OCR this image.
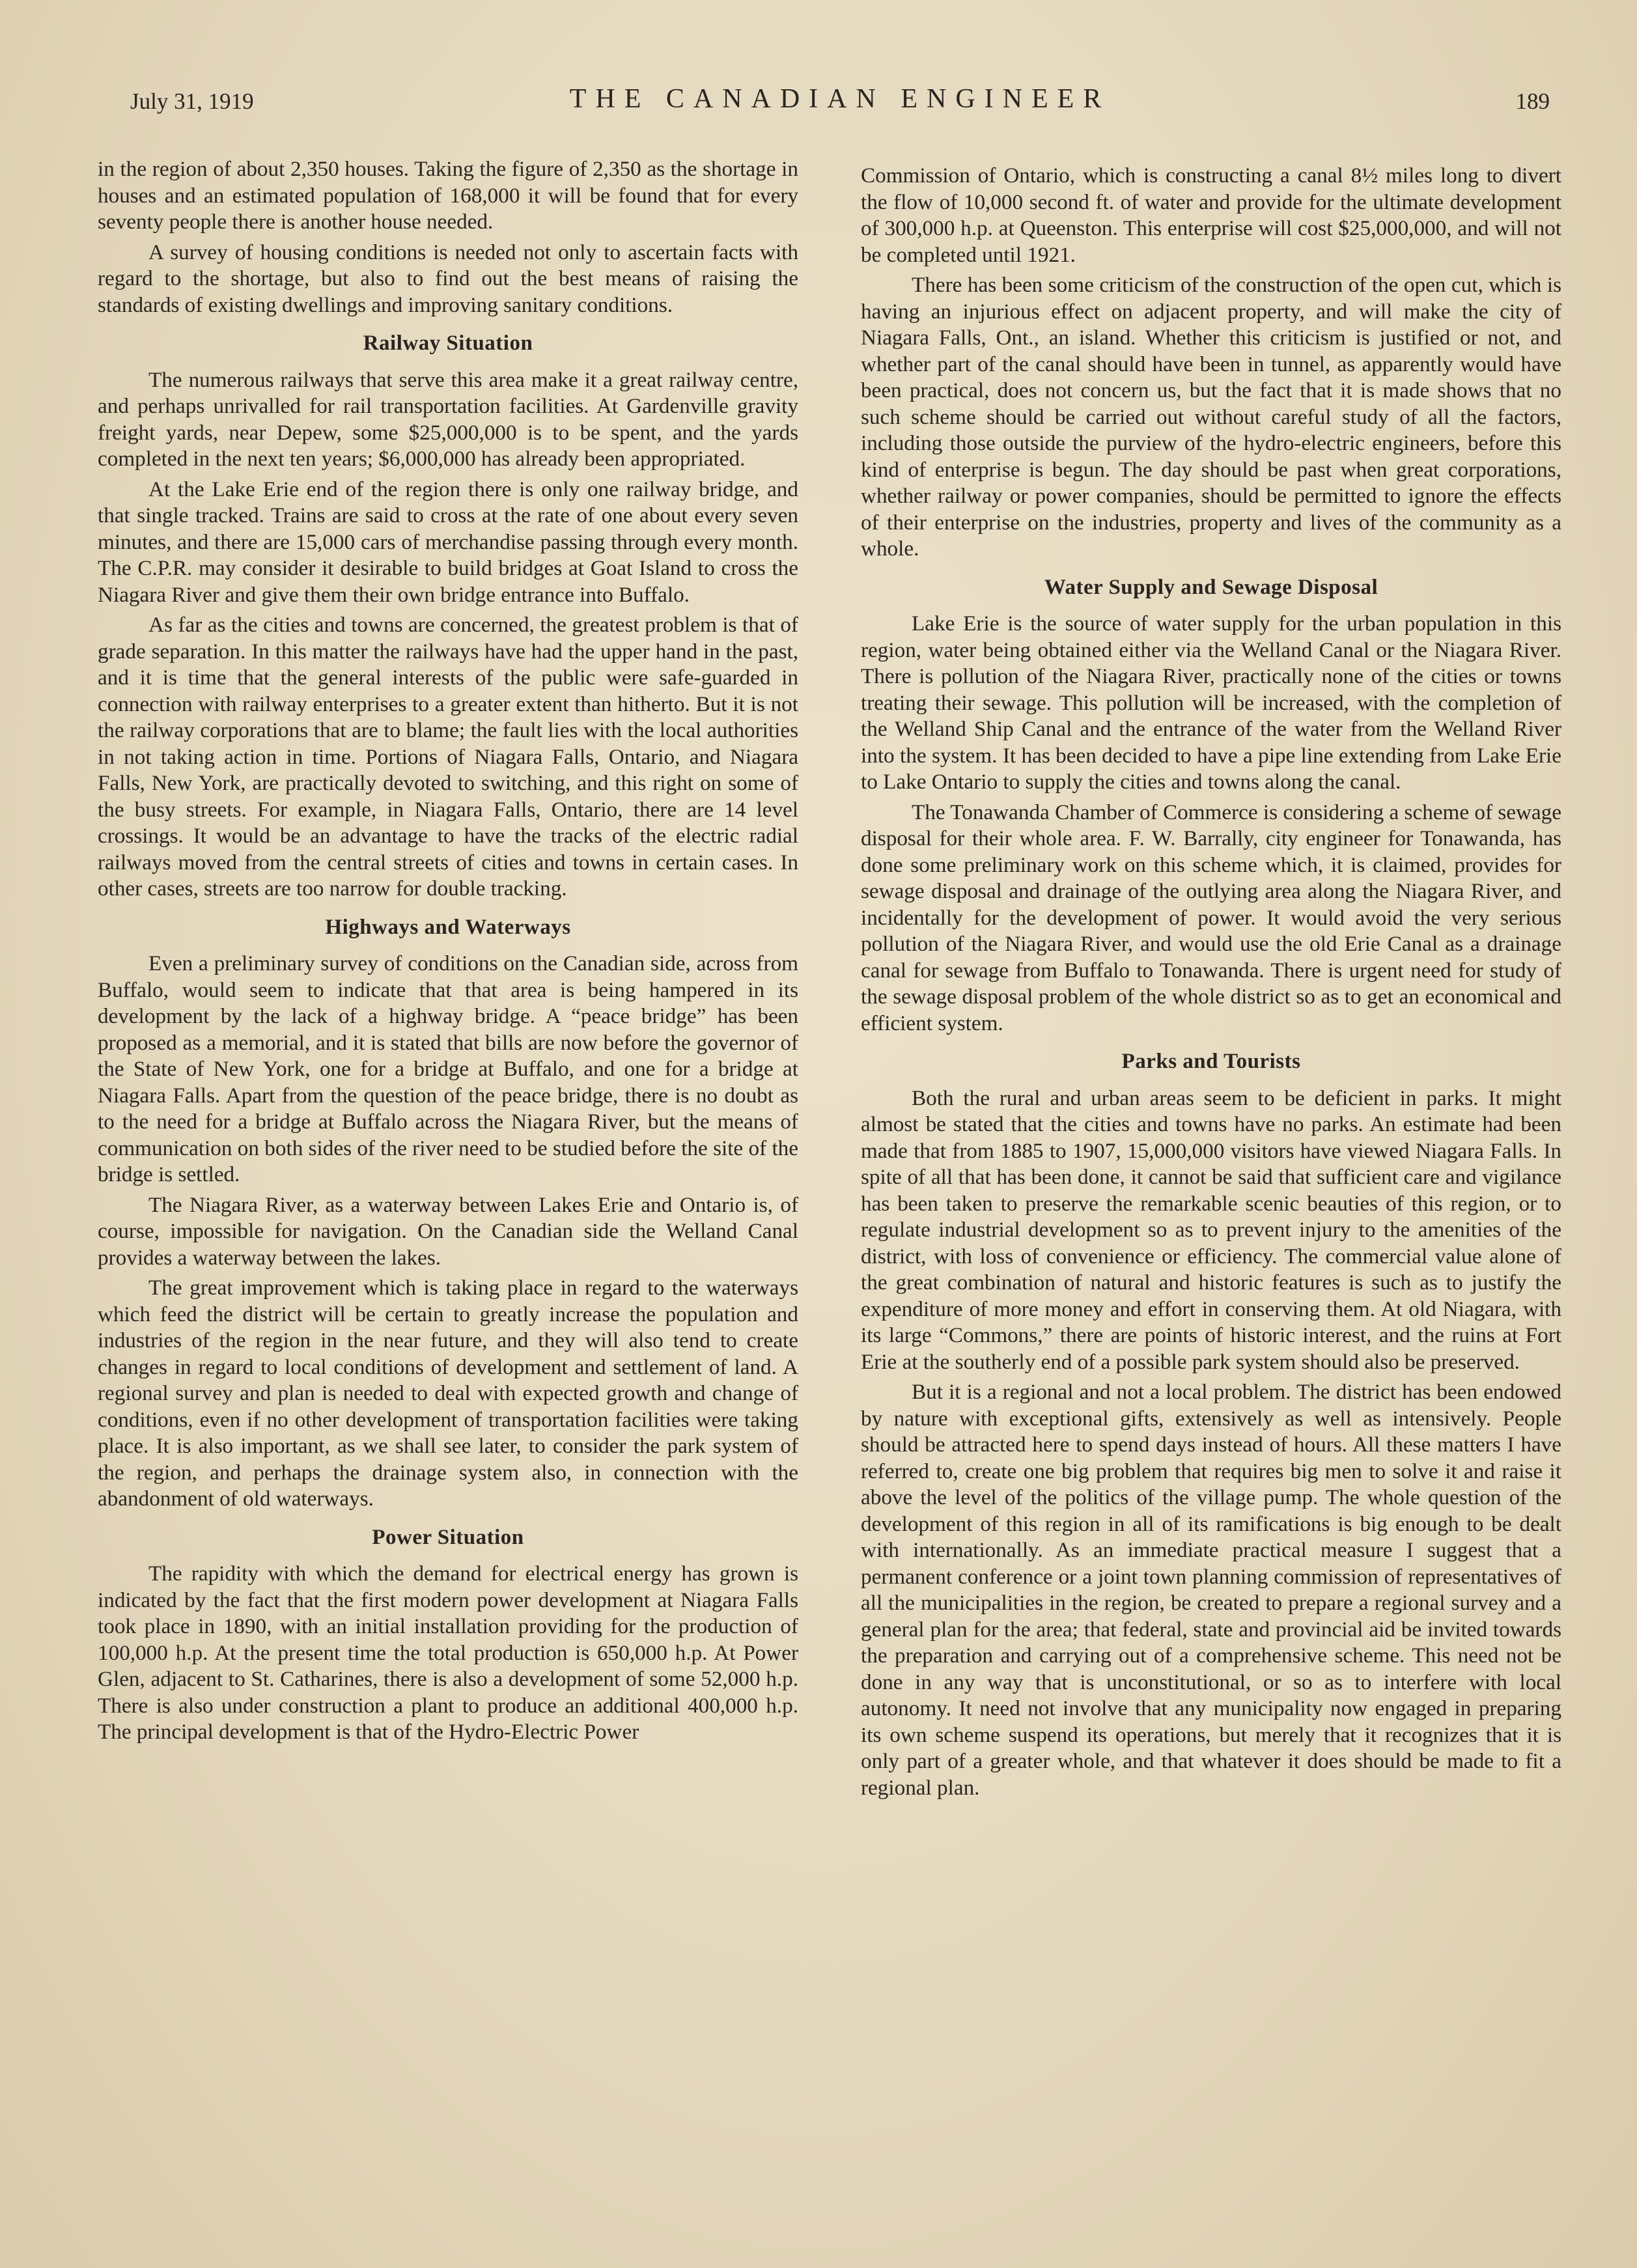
July 31, 1919	THE CANADIAN ENGINEER	189

in the region of about 2,350 houses. Taking the figure of 2,350 as the shortage in houses and an estimated population of 168,000 it will be found that for every seventy people there is another house needed.

A survey of housing conditions is needed not only to ascertain facts with regard to the shortage, but also to find out the best means of raising the standards of existing dwellings and improving sanitary conditions.

Railway Situation

The numerous railways that serve this area make it a great railway centre, and perhaps unrivalled for rail transportation facilities. At Gardenville gravity freight yards, near Depew, some $25,000,000 is to be spent, and the yards completed in the next ten years; $6,000,000 has already been appropriated.

At the Lake Erie end of the region there is only one railway bridge, and that single tracked. Trains are said to cross at the rate of one about every seven minutes, and there are 15,000 cars of merchandise passing through every month. The C.P.R. may consider it desirable to build bridges at Goat Island to cross the Niagara River and give them their own bridge entrance into Buffalo.

As far as the cities and towns are concerned, the greatest problem is that of grade separation. In this matter the railways have had the upper hand in the past, and it is time that the general interests of the public were safe-guarded in connection with railway enterprises to a greater extent than hitherto. But it is not the railway corporations that are to blame; the fault lies with the local authorities in not taking action in time. Portions of Niagara Falls, Ontario, and Niagara Falls, New York, are practically devoted to switching, and this right on some of the busy streets. For example, in Niagara Falls, Ontario, there are 14 level crossings. It would be an advantage to have the tracks of the electric radial railways moved from the central streets of cities and towns in certain cases. In other cases, streets are too narrow for double tracking.

Highways and Waterways

Even a preliminary survey of conditions on the Canadian side, across from Buffalo, would seem to indicate that that area is being hampered in its development by the lack of a highway bridge. A “peace bridge” has been proposed as a memorial, and it is stated that bills are now before the governor of the State of New York, one for a bridge at Buffalo, and one for a bridge at Niagara Falls. Apart from the question of the peace bridge, there is no doubt as to the need for a bridge at Buffalo across the Niagara River, but the means of communication on both sides of the river need to be studied before the site of the bridge is settled.

The Niagara River, as a waterway between Lakes Erie and Ontario is, of course, impossible for navigation. On the Canadian side the Welland Canal provides a waterway between the lakes.

The great improvement which is taking place in regard to the waterways which feed the district will be certain to greatly increase the population and industries of the region in the near future, and they will also tend to create changes in regard to local conditions of development and settlement of land. A regional survey and plan is needed to deal with expected growth and change of conditions, even if no other development of transportation facilities were taking place. It is also important, as we shall see later, to consider the park system of the region, and perhaps the drainage system also, in connection with the abandonment of old waterways.

Power Situation

The rapidity with which the demand for electrical energy has grown is indicated by the fact that the first modern power development at Niagara Falls took place in 1890, with an initial installation providing for the production of 100,000 h.p. At the present time the total production is 650,000 h.p. At Power Glen, adjacent to St. Catharines, there is also a development of some 52,000 h.p. There is also under construction a plant to produce an additional 400,000 h.p. The principal development is that of the Hydro-Electric Power

Commission of Ontario, which is constructing a canal 8½ miles long to divert the flow of 10,000 second ft. of water and provide for the ultimate development of 300,000 h.p. at Queenston. This enterprise will cost $25,000,000, and will not be completed until 1921.

There has been some criticism of the construction of the open cut, which is having an injurious effect on adjacent property, and will make the city of Niagara Falls, Ont., an island. Whether this criticism is justified or not, and whether part of the canal should have been in tunnel, as apparently would have been practical, does not concern us, but the fact that it is made shows that no such scheme should be carried out without careful study of all the factors, including those outside the purview of the hydro-electric engineers, before this kind of enterprise is begun. The day should be past when great corporations, whether railway or power companies, should be permitted to ignore the effects of their enterprise on the industries, property and lives of the community as a whole.

Water Supply and Sewage Disposal

Lake Erie is the source of water supply for the urban population in this region, water being obtained either via the Welland Canal or the Niagara River. There is pollution of the Niagara River, practically none of the cities or towns treating their sewage. This pollution will be increased, with the completion of the Welland Ship Canal and the entrance of the water from the Welland River into the system. It has been decided to have a pipe line extending from Lake Erie to Lake Ontario to supply the cities and towns along the canal.

The Tonawanda Chamber of Commerce is considering a scheme of sewage disposal for their whole area. F. W. Barrally, city engineer for Tonawanda, has done some preliminary work on this scheme which, it is claimed, provides for sewage disposal and drainage of the outlying area along the Niagara River, and incidentally for the development of power. It would avoid the very serious pollution of the Niagara River, and would use the old Erie Canal as a drainage canal for sewage from Buffalo to Tonawanda. There is urgent need for study of the sewage disposal problem of the whole district so as to get an economical and efficient system.

Parks and Tourists

Both the rural and urban areas seem to be deficient in parks. It might almost be stated that the cities and towns have no parks. An estimate had been made that from 1885 to 1907, 15,000,000 visitors have viewed Niagara Falls. In spite of all that has been done, it cannot be said that sufficient care and vigilance has been taken to preserve the remarkable scenic beauties of this region, or to regulate industrial development so as to prevent injury to the amenities of the district, with loss of convenience or efficiency. The commercial value alone of the great combination of natural and historic features is such as to justify the expenditure of more money and effort in conserving them. At old Niagara, with its large “Commons,” there are points of historic interest, and the ruins at Fort Erie at the southerly end of a possible park system should also be preserved.

But it is a regional and not a local problem. The district has been endowed by nature with exceptional gifts, extensively as well as intensively. People should be attracted here to spend days instead of hours. All these matters I have referred to, create one big problem that requires big men to solve it and raise it above the level of the politics of the village pump. The whole question of the development of this region in all of its ramifications is big enough to be dealt with internationally. As an immediate practical measure I suggest that a permanent conference or a joint town planning commission of representatives of all the municipalities in the region, be created to prepare a regional survey and a general plan for the area; that federal, state and provincial aid be invited towards the preparation and carrying out of a comprehensive scheme. This need not be done in any way that is unconstitutional, or so as to interfere with local autonomy. It need not involve that any municipality now engaged in preparing its own scheme suspend its operations, but merely that it recognizes that it is only part of a greater whole, and that whatever it does should be made to fit a regional plan.
